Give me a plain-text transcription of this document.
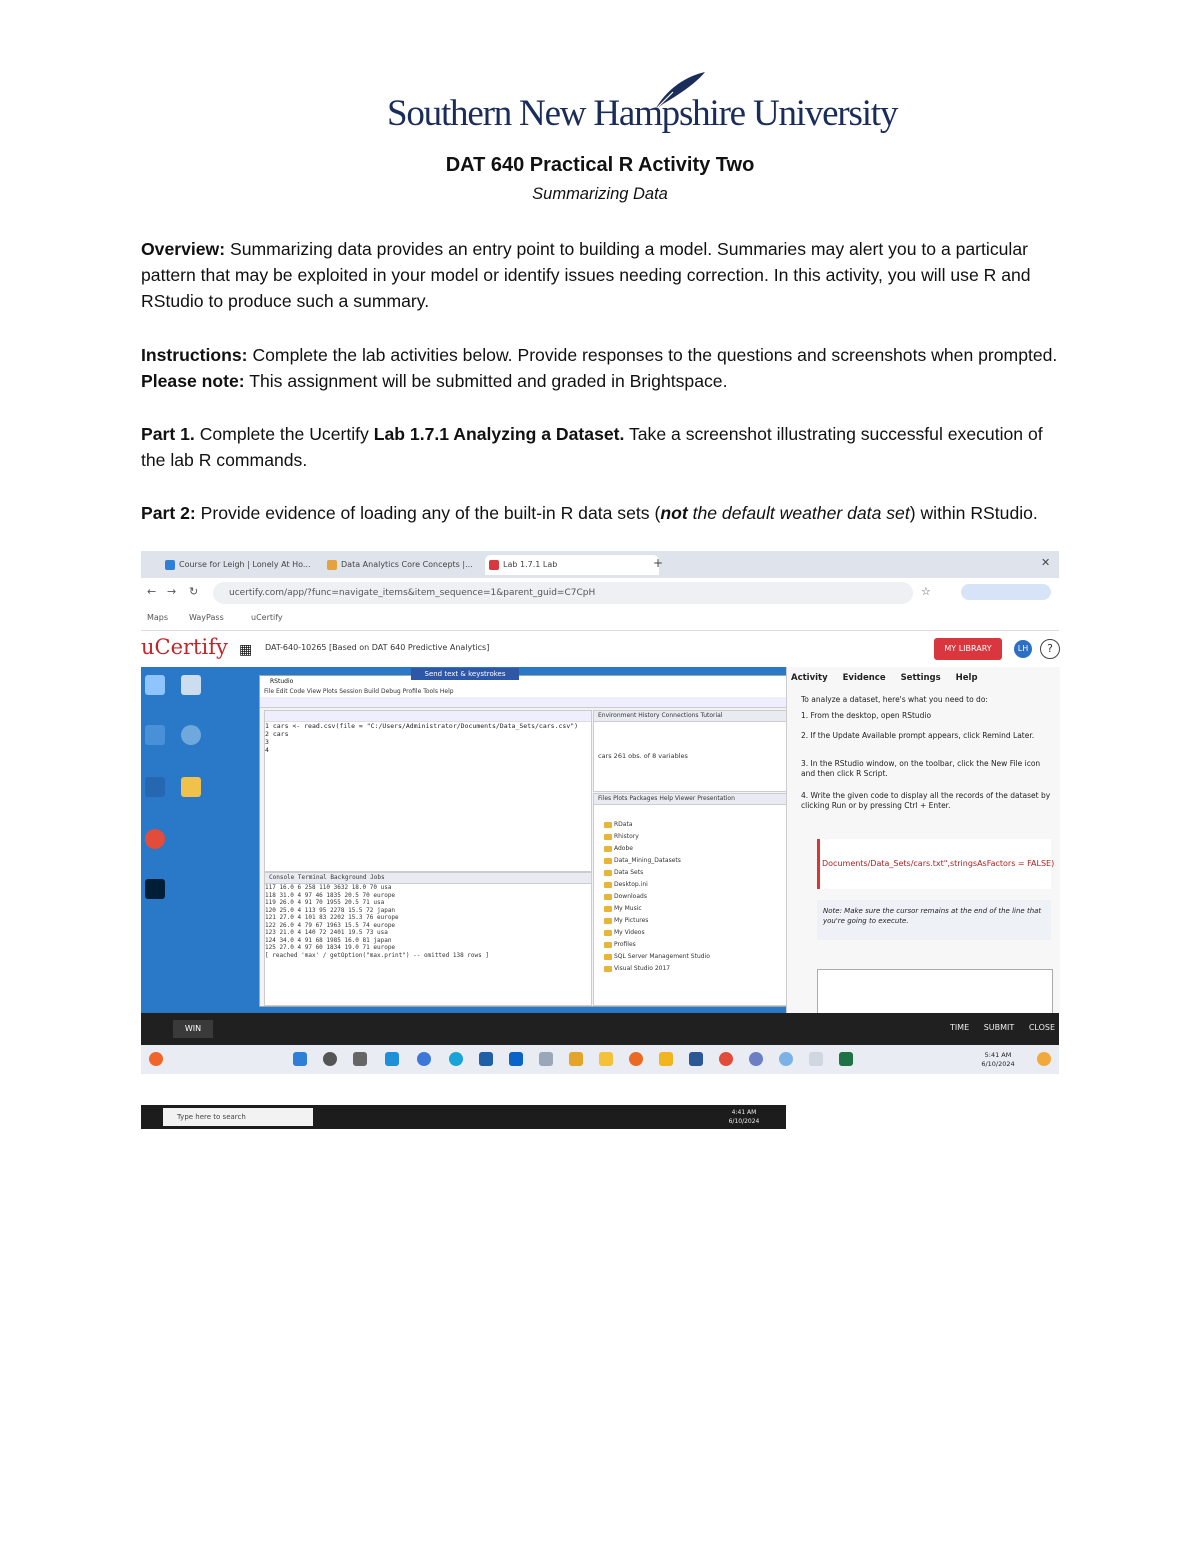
Southern New Hampshire University
DAT 640 Practical R Activity Two
Summarizing Data
Overview: Summarizing data provides an entry point to building a model. Summaries may alert you to a particular pattern that may be exploited in your model or identify issues needing correction. In this activity, you will use R and RStudio to produce such a summary.
Instructions: Complete the lab activities below. Provide responses to the questions and screenshots when prompted. Please note: This assignment will be submitted and graded in Brightspace.
Part 1. Complete the Ucertify Lab 1.7.1 Analyzing a Dataset. Take a screenshot illustrating successful execution of the lab R commands.
Part 2: Provide evidence of loading any of the built-in R data sets (not the default weather data set) within RStudio.
Course for Leigh | Lonely At Ho...	Data Analytics Core Concepts |...	Lab 1.7.1 Lab	+	✕
← → ↻	ucertify.com/app/?func=navigate_items&item_sequence=1&parent_guid=C7CpH	☆
Maps	WayPass	uCertify
uCertify ▦ DAT-640-10265 [Based on DAT 640 Predictive Analytics]	MY LIBRARY	LH	?
RStudio
File Edit Code View Plots Session Build Debug Profile Tools Help
1 cars <- read.csv(file = "C:/Users/Administrator/Documents/Data_Sets/cars.csv")
2 cars
3
4
Console Terminal Background Jobs
117 16.0 6 258 110 3632 18.0 70 usa
118 31.0 4 97 46 1835 20.5 70 europe
119 26.0 4 91 70 1955 20.5 71 usa
120 25.0 4 113 95 2278 15.5 72 japan
121 27.0 4 101 83 2202 15.3 76 europe
122 26.0 4 79 67 1963 15.5 74 europe
123 21.0 4 140 72 2401 19.5 73 usa
124 34.0 4 91 68 1985 16.0 81 japan
125 27.0 4 97 60 1834 19.0 71 europe
[ reached 'max' / getOption("max.print") -- omitted 138 rows ]
Environment History Connections Tutorial
cars 261 obs. of 8 variables
Files Plots Packages Help Viewer Presentation
RData
Rhistory
Adobe
Data_Mining_Datasets
Data Sets
Desktop.ini
Downloads
My Music
My Pictures
My Videos
Profiles
SQL Server Management Studio
Visual Studio 2017
Type here to search
4:41 AM
6/10/2024
Send text & keystrokes	Activity Evidence Settings Help
To analyze a dataset, here's what you need to do:
1. From the desktop, open RStudio
2. If the Update Available prompt appears, click Remind Later.
3. In the RStudio window, on the toolbar, click the New File icon and then click R Script.
4. Write the given code to display all the records of the dataset by clicking Run or by pressing Ctrl + Enter.
Documents/Data_Sets/cars.txt",stringsAsFactors = FALSE)
Note: Make sure the cursor remains at the end of the line that you're going to execute.
WIN	TIME SUBMIT CLOSE
5:41 AM
6/10/2024
